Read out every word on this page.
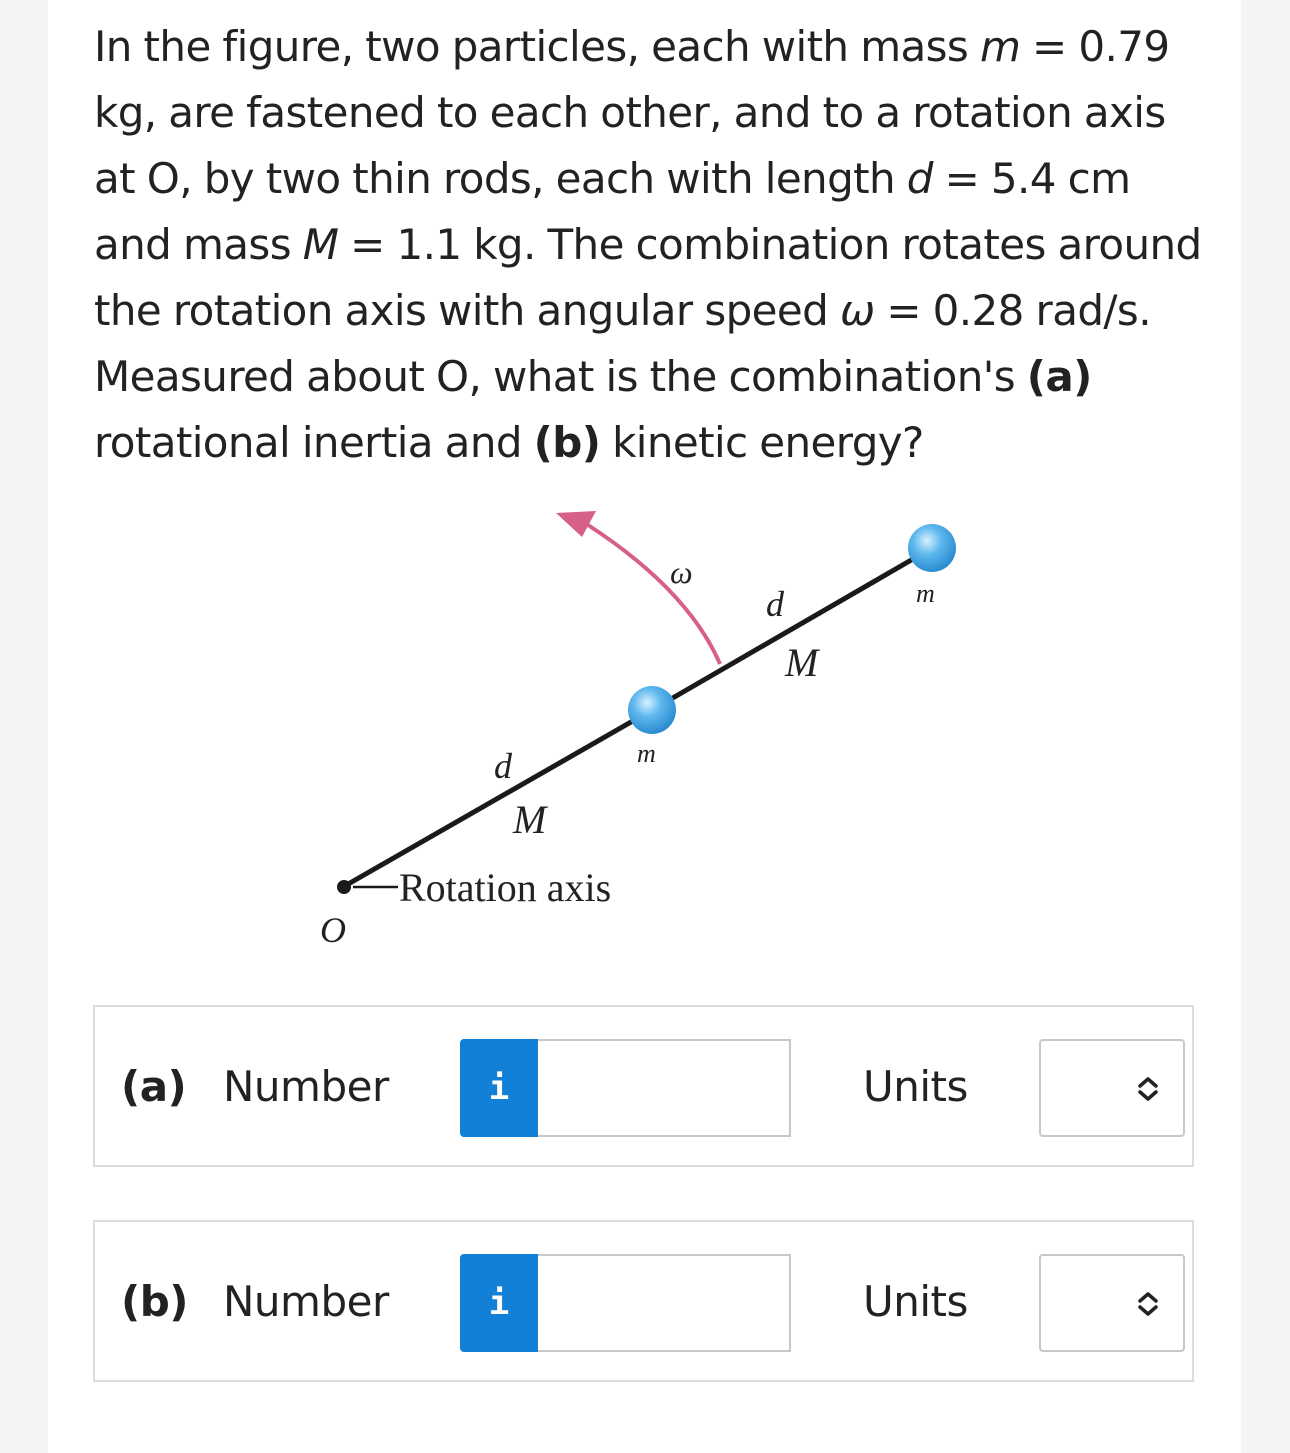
In the figure, two particles, each with mass m = 0.79 kg, are fastened to each other, and to a rotation axis at O, by two thin rods, each with length d = 5.4 cm and mass M = 1.1 kg. The combination rotates around the rotation axis with angular speed ω = 0.28 rad/s. Measured about O, what is the combination's (a) rotational inertia and (b) kinetic energy?

ω
d
M
m
d
M
m
Rotation axis
O
(a) Number	i	Units
(b) Number	i	Units
